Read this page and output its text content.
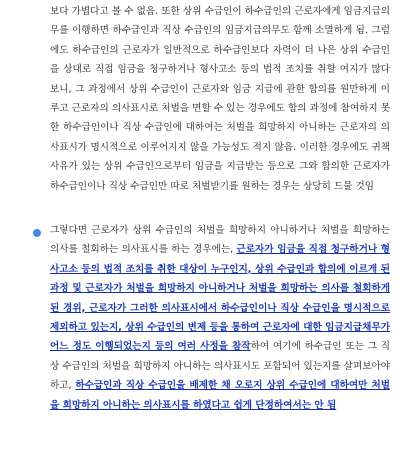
보다 가볍다고 볼 수 없음. 또한 상위 수급인이 하수급인의 근로자에게 임금지급의무를 이행하면 하수급인과 직상 수급인의 임금지급의무도 함께 소멸하게 됨. 그럼에도 하수급인의 근로자가 일반적으로 하수급인보다 자력이 더 나은 상위 수급인을 상대로 직접 임금을 청구하거나 형사고소 등의 법적 조치를 취할 여지가 많다 보니, 그 과정에서 상위 수급인이 근로자와 임금 지급에 관한 합의를 원만하게 이루고 근로자의 의사표시로 처벌을 면할 수 있는 경우에도 합의 과정에 참여하지 못한 하수급인이나 직상 수급인에 대하여는 처벌을 희망하지 아니하는 근로자의 의사표시가 명시적으로 이루어지지 않을 가능성도 적지 않음. 이러한 경우에도 귀책사유가 있는 상위 수급인으로부터 임금을 지급받는 등으로 그와 합의한 근로자가 하수급인이나 직상 수급인만 따로 처벌받기를 원하는 경우는 상당히 드물 것임

그렇다면 근로자가 상위 수급인의 처벌을 희망하지 아니하거나 처벌을 희망하는 의사를 철회하는 의사표시를 하는 경우에는, 근로자가 임금을 직접 청구하거나 형사고소 등의 법적 조치를 취한 대상이 누구인지, 상위 수급인과 합의에 이르게 된 과정 및 근로자가 처벌을 희망하지 아니하거나 처벌을 희망하는 의사를 철회하게 된 경위, 근로자가 그러한 의사표시에서 하수급인이나 직상 수급인을 명시적으로 제외하고 있는지, 상위 수급인의 변제 등을 통하여 근로자에 대한 임금지급채무가 어느 정도 이행되었는지 등의 여러 사정을 참작하여 여기에 하수급인 또는 그 직상 수급인의 처벌을 희망하지 아니하는 의사표시도 포함되어 있는지를 살펴보아야 하고, 하수급인과 직상 수급인을 배제한 채 오로지 상위 수급인에 대하여만 처벌을 희망하지 아니하는 의사표시를 하였다고 쉽게 단정하여서는 안 됨
